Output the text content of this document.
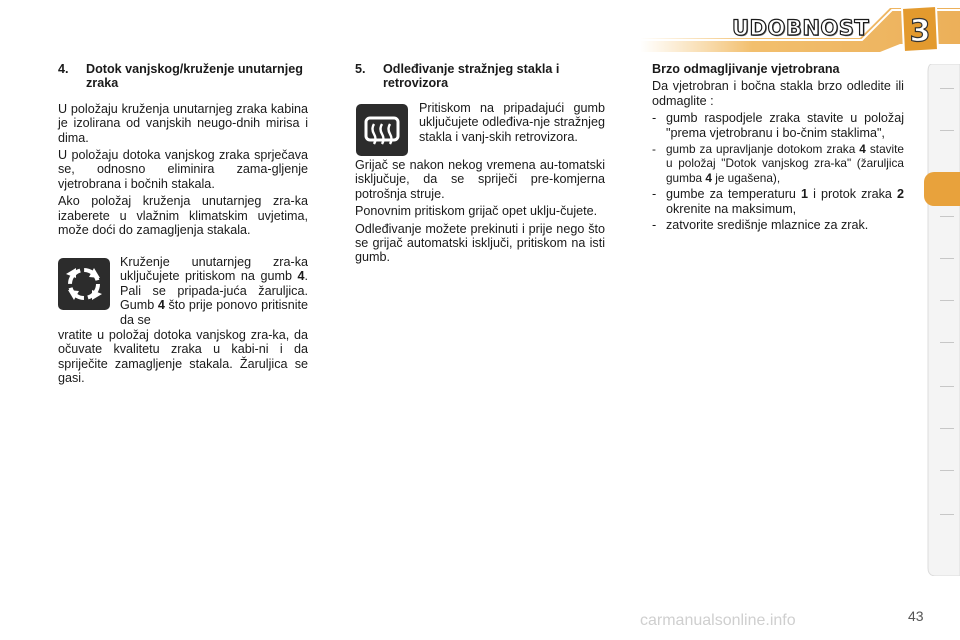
UDOBNOST 3
4.	Dotok vanjskog/kruženje unutarnjeg zraka

U položaju kruženja unutarnjeg zraka kabina je izolirana od vanjskih neugo-dnih mirisa i dima.

U položaju dotoka vanjskog zraka sprječava se, odnosno eliminira zama-gljenje vjetrobrana i bočnih stakala.

Ako položaj kruženja unutarnjeg zra-ka izaberete u vlažnim klimatskim uvjetima, može doći do zamagljenja stakala.

Kruženje unutarnjeg zra-ka uključujete pritiskom na gumb 4. Pali se pripada-juća žaruljica. Gumb 4 što prije ponovo pritisnite da se
vratite u položaj dotoka vanjskog zra-ka, da očuvate kvalitetu zraka u kabi-ni i da spriječite zamagljenje stakala. Žaruljica se gasi.
5.	Odleđivanje stražnjeg stakla i retrovizora
Pritiskom na pripadajući gumb uključujete odleđiva-nje stražnjeg stakla i vanj-skih retrovizora.

Grijač se nakon nekog vremena au-tomatski isključuje, da se spriječi pre-komjerna potrošnja struje.

Ponovnim pritiskom grijač opet uklju-čujete.

Odleđivanje možete prekinuti i prije nego što se grijač automatski isključi, pritiskom na isti gumb.

Brzo odmagljivanje vjetrobrana

Da vjetrobran i bočna stakla brzo odledite ili odmaglite :

- gumb raspodjele zraka stavite u položaj "prema vjetrobranu i bo-čnim staklima",
- gumb za upravljanje dotokom zraka 4 stavite u položaj "Dotok vanjskog zra-ka" (žaruljica gumba 4 je ugašena),
- gumbe za temperaturu 1 i protok zraka 2 okrenite na maksimum,
- zatvorite središnje mlaznice za zrak.
carmanualsonline.info	43
